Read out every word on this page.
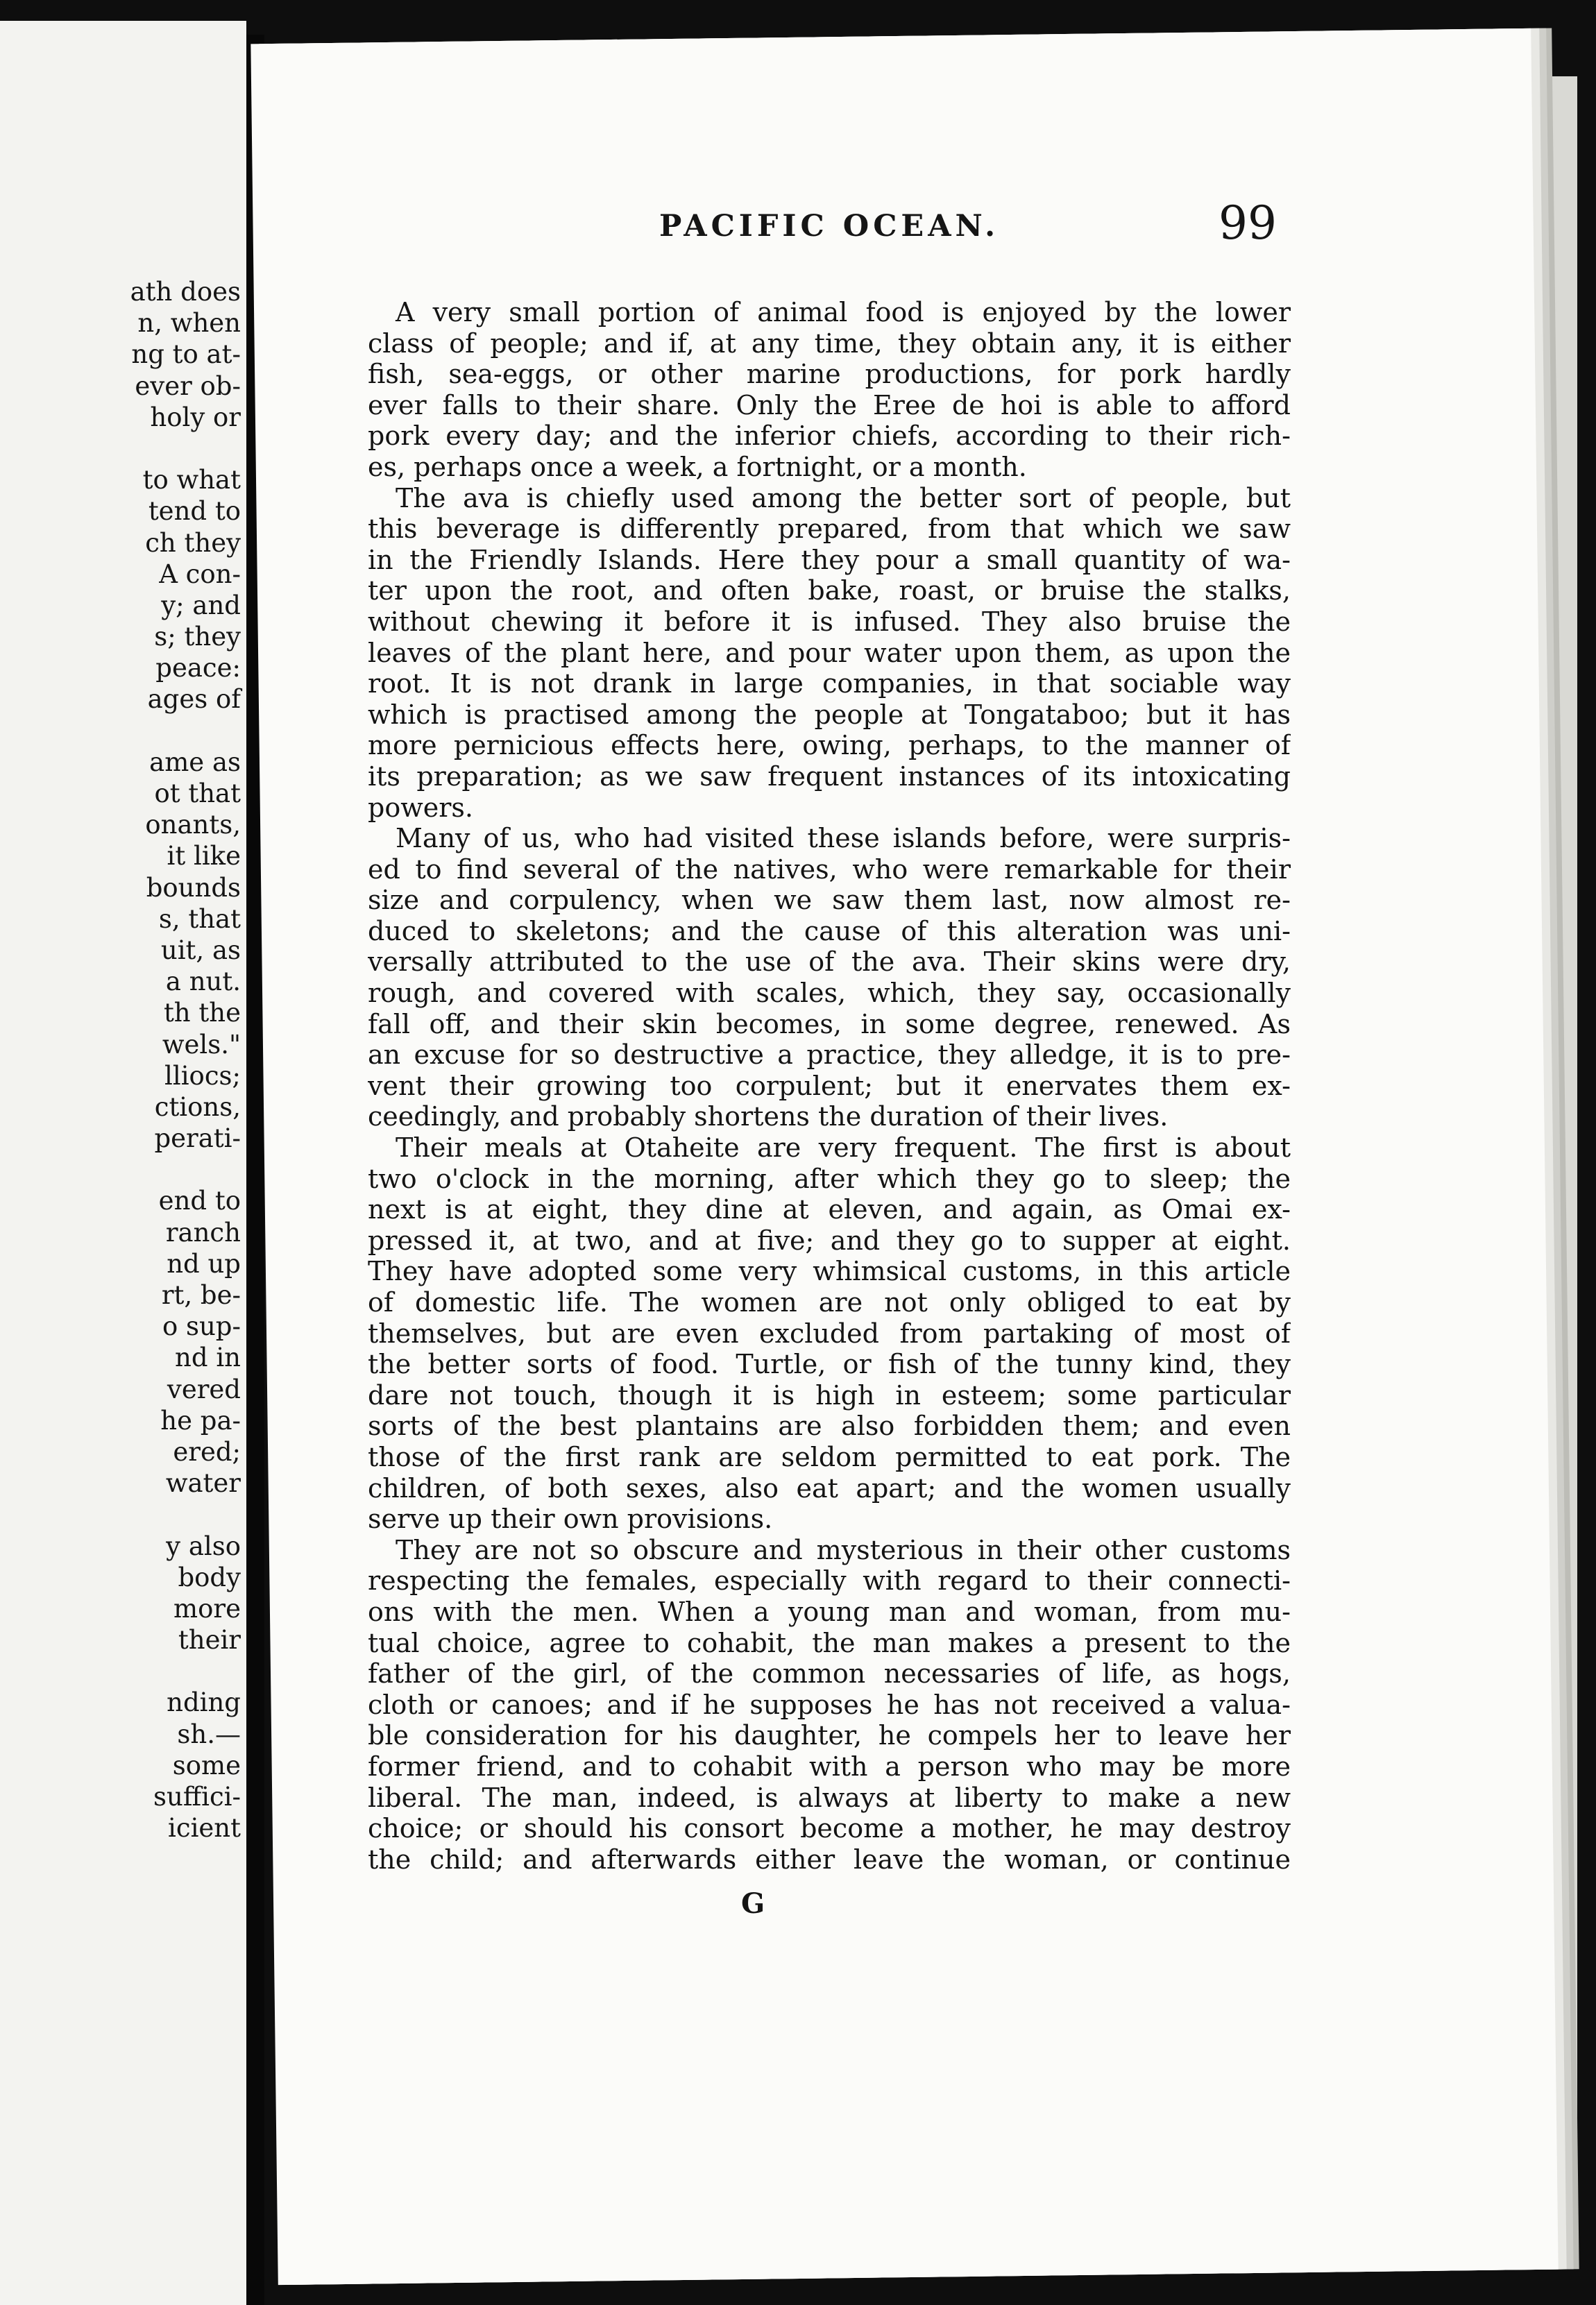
ath does
n, when
ng to at-
ever ob-
holy or
to what
tend to
ch they
A con-
y; and
s; they
peace:
ages of
ame as
ot that
onants,
it like
bounds
s, that
uit, as
a nut.
th the
wels."
lliocs;
ctions,
perati-
end to
ranch
nd up
rt, be-
o sup-
nd in
vered
he pa-
ered;
water
y also
body
more
their
nding
sh.—
some
suffici-
icient
PACIFIC OCEAN.	99
A very small portion of animal food is enjoyed by the lower
class of people; and if, at any time, they obtain any, it is either
fish, sea-eggs, or other marine productions, for pork hardly
ever falls to their share. Only the Eree de hoi is able to afford
pork every day; and the inferior chiefs, according to their rich-
es, perhaps once a week, a fortnight, or a month.
The ava is chiefly used among the better sort of people, but
this beverage is differently prepared, from that which we saw
in the Friendly Islands. Here they pour a small quantity of wa-
ter upon the root, and often bake, roast, or bruise the stalks,
without chewing it before it is infused. They also bruise the
leaves of the plant here, and pour water upon them, as upon the
root. It is not drank in large companies, in that sociable way
which is practised among the people at Tongataboo; but it has
more pernicious effects here, owing, perhaps, to the manner of
its preparation; as we saw frequent instances of its intoxicating
powers.
Many of us, who had visited these islands before, were surpris-
ed to find several of the natives, who were remarkable for their
size and corpulency, when we saw them last, now almost re-
duced to skeletons; and the cause of this alteration was uni-
versally attributed to the use of the ava. Their skins were dry,
rough, and covered with scales, which, they say, occasionally
fall off, and their skin becomes, in some degree, renewed. As
an excuse for so destructive a practice, they alledge, it is to pre-
vent their growing too corpulent; but it enervates them ex-
ceedingly, and probably shortens the duration of their lives.
Their meals at Otaheite are very frequent. The first is about
two o'clock in the morning, after which they go to sleep; the
next is at eight, they dine at eleven, and again, as Omai ex-
pressed it, at two, and at five; and they go to supper at eight.
They have adopted some very whimsical customs, in this article
of domestic life. The women are not only obliged to eat by
themselves, but are even excluded from partaking of most of
the better sorts of food. Turtle, or fish of the tunny kind, they
dare not touch, though it is high in esteem; some particular
sorts of the best plantains are also forbidden them; and even
those of the first rank are seldom permitted to eat pork. The
children, of both sexes, also eat apart; and the women usually
serve up their own provisions.
They are not so obscure and mysterious in their other customs
respecting the females, especially with regard to their connecti-
ons with the men. When a young man and woman, from mu-
tual choice, agree to cohabit, the man makes a present to the
father of the girl, of the common necessaries of life, as hogs,
cloth or canoes; and if he supposes he has not received a valua-
ble consideration for his daughter, he compels her to leave her
former friend, and to cohabit with a person who may be more
liberal. The man, indeed, is always at liberty to make a new
choice; or should his consort become a mother, he may destroy
the child; and afterwards either leave the woman, or continue
G
